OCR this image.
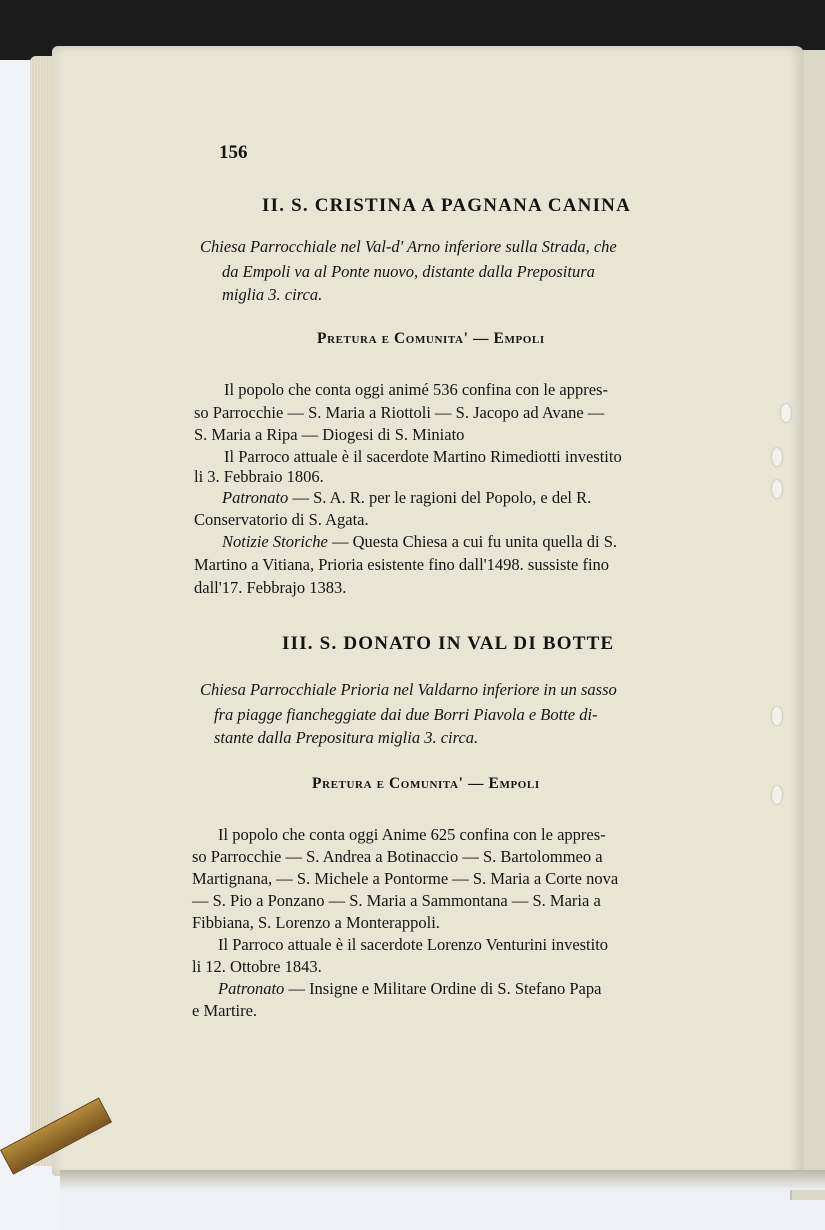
156
II. S. CRISTINA A PAGNANA CANINA
Chiesa Parrocchiale nel Val-d' Arno inferiore sulla Strada, che
da Empoli va al Ponte nuovo, distante dalla Prepositura
miglia 3. circa.
Pretura e Comunita' — Empoli
Il popolo che conta oggi animé 536 confina con le appres-
so Parrocchie — S. Maria a Riottoli — S. Jacopo ad Avane —
S. Maria a Ripa — Diogesi di S. Miniato
Il Parroco attuale è il sacerdote Martino Rimediotti investito
li 3. Febbraio 1806.
Patronato — S. A. R. per le ragioni del Popolo, e del R.
Conservatorio di S. Agata.
Notizie Storiche — Questa Chiesa a cui fu unita quella di S.
Martino a Vitiana, Prioria esistente fino dall'1498. sussiste fino
dall'17. Febbrajo 1383.
III. S. DONATO IN VAL DI BOTTE
Chiesa Parrocchiale Prioria nel Valdarno inferiore in un sasso
fra piagge fiancheggiate dai due Borri Piavola e Botte di-
stante dalla Prepositura miglia 3. circa.
Pretura e Comunita' — Empoli
Il popolo che conta oggi Anime 625 confina con le appres-
so Parrocchie — S. Andrea a Botinaccio — S. Bartolommeo a
Martignana, — S. Michele a Pontorme — S. Maria a Corte nova
— S. Pio a Ponzano — S. Maria a Sammontana — S. Maria a
Fibbiana, S. Lorenzo a Monterappoli.
Il Parroco attuale è il sacerdote Lorenzo Venturini investito
li 12. Ottobre 1843.
Patronato — Insigne e Militare Ordine di S. Stefano Papa
e Martire.
